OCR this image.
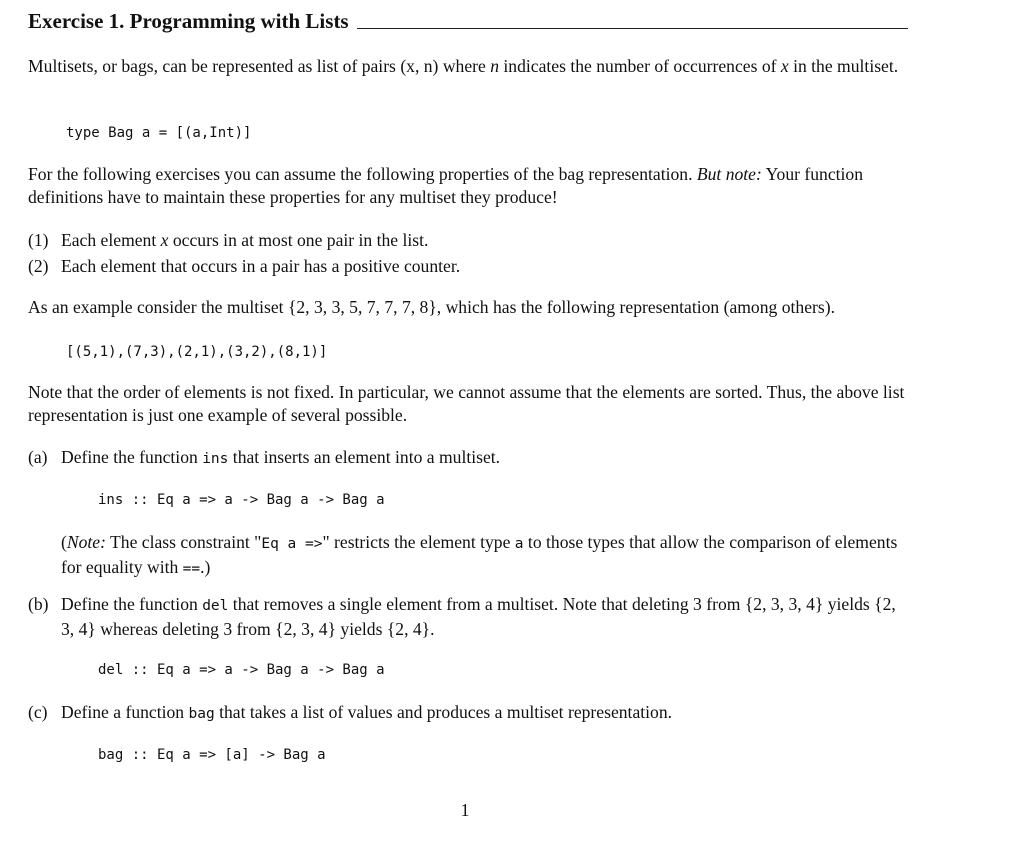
Exercise 1. Programming with Lists
Multisets, or bags, can be represented as list of pairs (x, n) where n indicates the number of occurrences of x in the multiset.
type Bag a = [(a,Int)]
For the following exercises you can assume the following properties of the bag representation. But note: Your function definitions have to maintain these properties for any multiset they produce!
(1) Each element x occurs in at most one pair in the list.
(2) Each element that occurs in a pair has a positive counter.
As an example consider the multiset {2, 3, 3, 5, 7, 7, 7, 8}, which has the following representation (among others).
[(5,1),(7,3),(2,1),(3,2),(8,1)]
Note that the order of elements is not fixed. In particular, we cannot assume that the elements are sorted. Thus, the above list representation is just one example of several possible.
(a) Define the function ins that inserts an element into a multiset.
ins :: Eq a => a -> Bag a -> Bag a
(Note: The class constraint "Eq a =>" restricts the element type a to those types that allow the comparison of elements for equality with ==.)
(b) Define the function del that removes a single element from a multiset. Note that deleting 3 from {2, 3, 3, 4} yields {2, 3, 4} whereas deleting 3 from {2, 3, 4} yields {2, 4}.
del :: Eq a => a -> Bag a -> Bag a
(c) Define a function bag that takes a list of values and produces a multiset representation.
bag :: Eq a => [a] -> Bag a
1
